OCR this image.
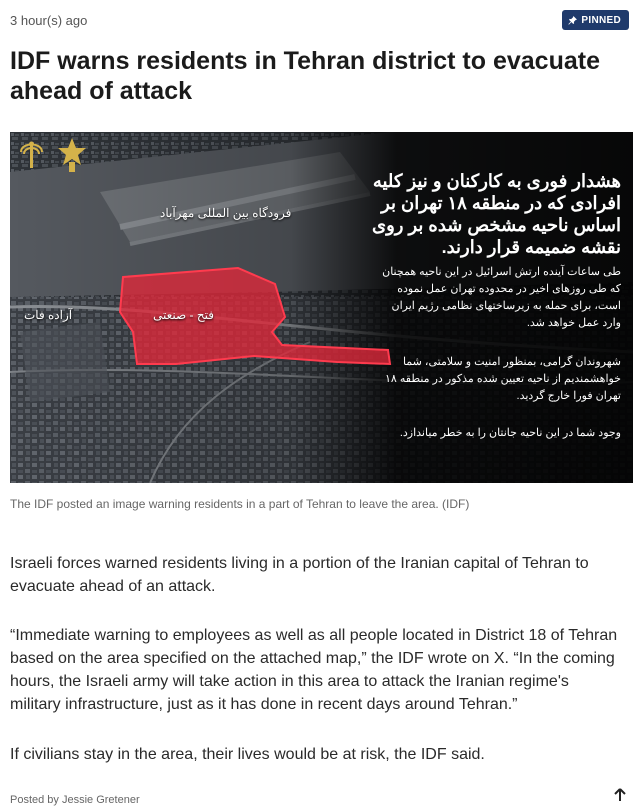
3 hour(s) ago	PINNED
IDF warns residents in Tehran district to evacuate ahead of attack
فرودگاه بین المللی مهرآباد
فتح - صنعتی
آزاده فات
هشدار فوری به کارکنان و نیز کلیه افرادی که در منطقه ۱۸ تهران بر اساس ناحیه مشخص شده بر روی نقشه ضمیمه قرار دارند.
طی ساعات آینده ارتش اسرائیل در این ناحیه همچنان که طی روزهای اخیر در محدوده تهران عمل نموده است، برای حمله به زیرساختهای نظامی رژیم ایران وارد عمل خواهد شد.
شهروندان گرامی، بمنظور امنیت و سلامتی، شما خواهشمندیم از ناحیه تعیین شده مذکور در منطقه ۱۸ تهران فورا خارج گردید.
وجود شما در این ناحیه جانتان را به خطر میاندازد.
The IDF posted an image warning residents in a part of Tehran to leave the area. (IDF)

Israeli forces warned residents living in a portion of the Iranian capital of Tehran to evacuate ahead of an attack.

“Immediate warning to employees as well as all people located in District 18 of Tehran based on the area specified on the attached map,” the IDF wrote on X. “In the coming hours, the Israeli army will take action in this area to attack the Iranian regime's military infrastructure, just as it has done in recent days around Tehran.”

If civilians stay in the area, their lives would be at risk, the IDF said.

Posted by Jessie Gretener
